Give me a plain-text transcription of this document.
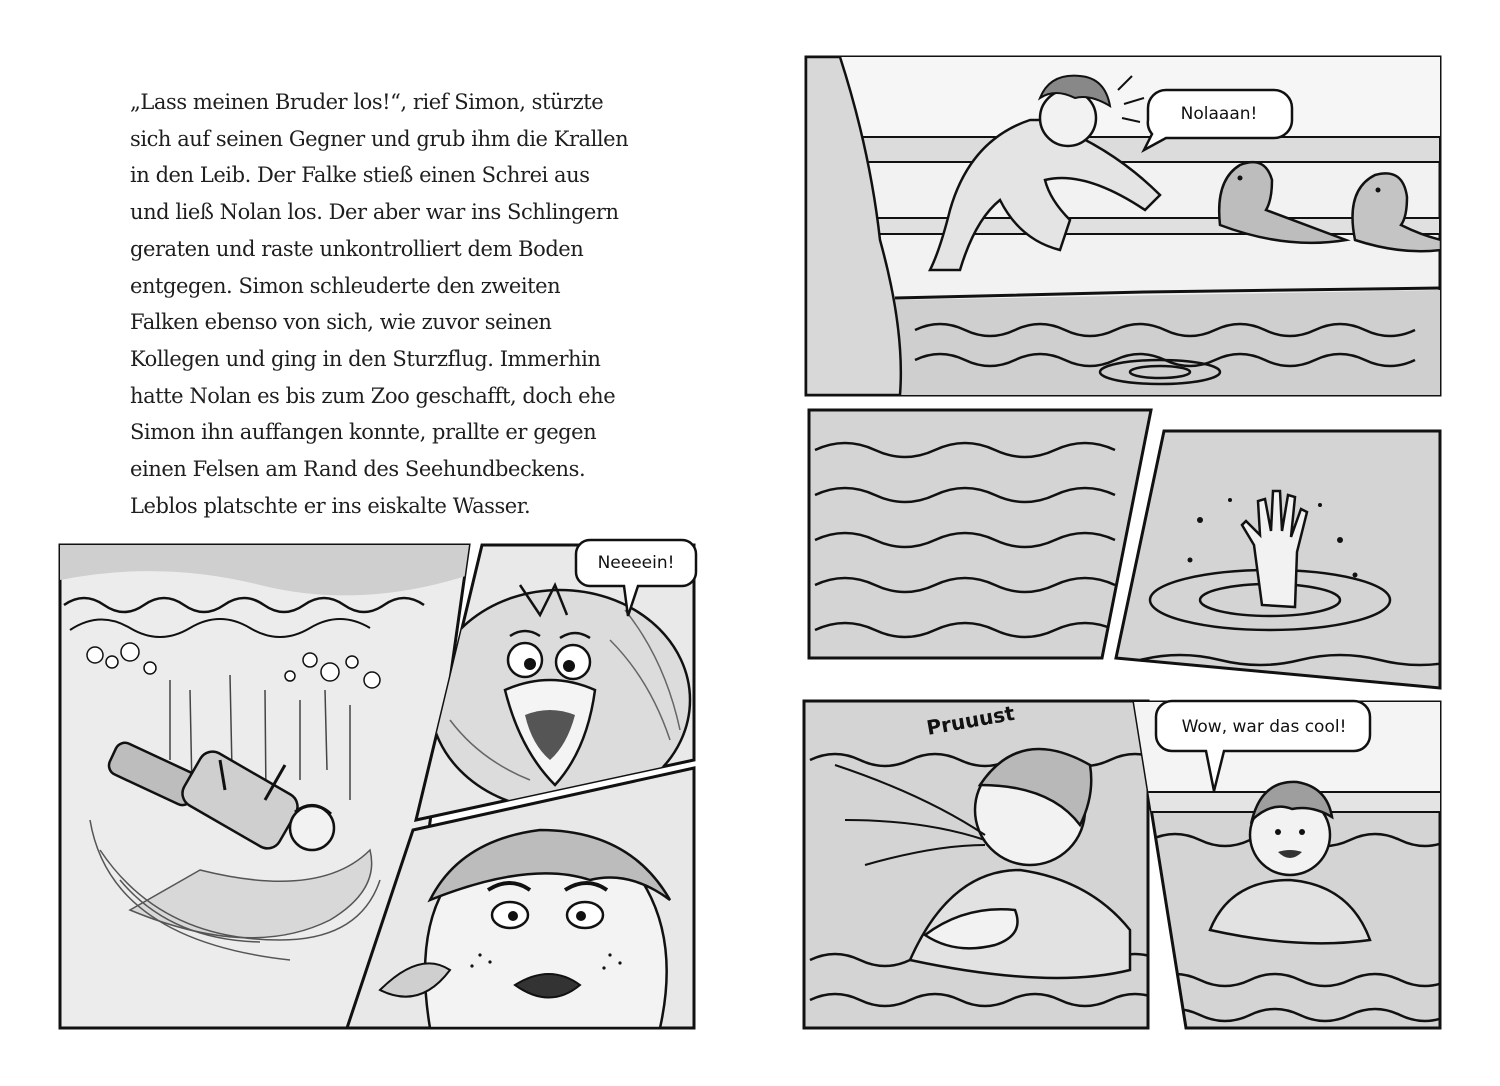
„Lass meinen Bruder los!“, rief Simon, stürzte
sich auf seinen Gegner und grub ihm die Krallen
in den Leib. Der Falke stieß einen Schrei aus
und ließ Nolan los. Der aber war ins Schlingern
geraten und raste unkontrolliert dem Boden
entgegen. Simon schleuderte den zweiten
Falken ebenso von sich, wie zuvor seinen
Kollegen und ging in den Sturzflug. Immerhin
hatte Nolan es bis zum Zoo geschafft, doch ehe
Simon ihn auffangen konnte, prallte er gegen
einen Felsen am Rand des Seehundbeckens.
Leblos platschte er ins eiskalte Wasser.

Neeeein!
Nolaaan!
Pruuust	Wow, war das cool!
